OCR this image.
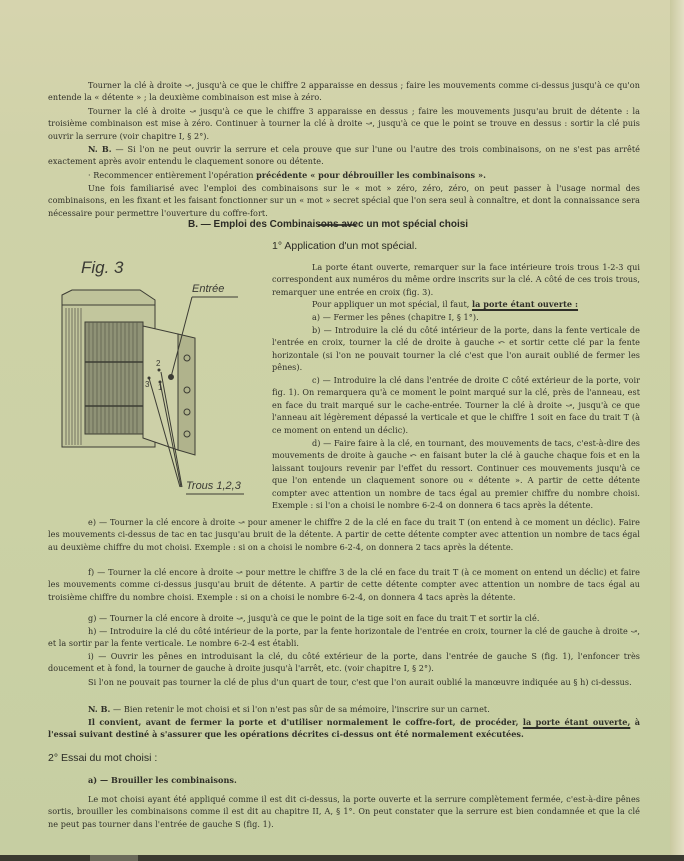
Tourner la clé à droite ⤻, jusqu'à ce que le chiffre 2 apparaisse en dessus ; faire les mouvements comme ci-dessus jusqu'à ce qu'on entende la « détente » ; la deuxième combinaison est mise à zéro.
Tourner la clé à droite ⤻ jusqu'à ce que le chiffre 3 apparaisse en dessus ; faire les mouvements jusqu'au bruit de détente : la troisième combinaison est mise à zéro. Continuer à tourner la clé à droite ⤻, jusqu'à ce que le point se trouve en dessus : sortir la clé puis ouvrir la serrure (voir chapitre I, § 2°).
N. B. — Si l'on ne peut ouvrir la serrure et cela prouve que sur l'une ou l'autre des trois combinaisons, on ne s'est pas arrêté exactement après avoir entendu le claquement sonore ou détente.
· Recommencer entièrement l'opération précédente « pour débrouiller les combinaisons ».
Une fois familiarisé avec l'emploi des combinaisons sur le « mot » zéro, zéro, zéro, on peut passer à l'usage normal des combinaisons, en les fixant et les faisant fonctionner sur un « mot » secret spécial que l'on sera seul à connaître, et dont la connaissance sera nécessaire pour permettre l'ouverture du coffre-fort.
B. — Emploi des Combinaisons avec un mot spécial choisi
1° Application d'un mot spécial.
Fig. 3
Entrée
Trous 1,2,3
2
3 1
La porte étant ouverte, remarquer sur la face intérieure trois trous 1-2-3 qui correspondent aux numéros du même ordre inscrits sur la clé. A côté de ces trois trous, remarquer une entrée en croix (fig. 3).
Pour appliquer un mot spécial, il faut, la porte étant ouverte :
a) — Fermer les pênes (chapitre I, § 1°).
b) — Introduire la clé du côté intérieur de la porte, dans la fente verticale de l'entrée en croix, tourner la clé de droite à gauche ⤺ et sortir cette clé par la fente horizontale (si l'on ne pouvait tourner la clé c'est que l'on aurait oublié de fermer les pênes).
c) — Introduire la clé dans l'entrée de droite C côté extérieur de la porte, voir fig. 1). On remarquera qu'à ce moment le point marqué sur la clé, près de l'anneau, est en face du trait marqué sur le cache-entrée. Tourner la clé à droite ⤻, jusqu'à ce que l'anneau ait légèrement dépassé la verticale et que le chiffre 1 soit en face du trait T (à ce moment on entend un déclic).
d) — Faire faire à la clé, en tournant, des mouvements de tacs, c'est-à-dire des mouvements de droite à gauche ⤺ en faisant buter la clé à gauche chaque fois et en la laissant toujours revenir par l'effet du ressort. Continuer ces mouvements jusqu'à ce que l'on entende un claquement sonore ou « détente ». A partir de cette détente compter avec attention un nombre de tacs égal au premier chiffre du nombre choisi. Exemple : si l'on a choisi le nombre 6-2-4 on donnera 6 tacs après la détente.
e) — Tourner la clé encore à droite ⤻ pour amener le chiffre 2 de la clé en face du trait T (on entend à ce moment un déclic). Faire les mouvements ci-dessus de tac en tac jusqu'au bruit de la détente. A partir de cette détente compter avec attention un nombre de tacs égal au deuxième chiffre du mot choisi. Exemple : si on a choisi le nombre 6-2-4, on donnera 2 tacs après la détente.
f) — Tourner la clé encore à droite ⤻ pour mettre le chiffre 3 de la clé en face du trait T (à ce moment on entend un déclic) et faire les mouvements comme ci-dessus jusqu'au bruit de détente. A partir de cette détente compter avec attention un nombre de tacs égal au troisième chiffre du nombre choisi. Exemple : si on a choisi le nombre 6-2-4, on donnera 4 tacs après la détente.
g) — Tourner la clé encore à droite ⤻, jusqu'à ce que le point de la tige soit en face du trait T et sortir la clé.
h) — Introduire la clé du côté intérieur de la porte, par la fente horizontale de l'entrée en croix, tourner la clé de gauche à droite ⤻, et la sortir par la fente verticale. Le nombre 6-2-4 est établi.
i) — Ouvrir les pênes en introduisant la clé, du côté extérieur de la porte, dans l'entrée de gauche S (fig. 1), l'enfoncer très doucement et à fond, la tourner de gauche à droite jusqu'à l'arrêt, etc. (voir chapitre I, § 2°).
Si l'on ne pouvait pas tourner la clé de plus d'un quart de tour, c'est que l'on aurait oublié la manœuvre indiquée au § h) ci-dessus.
N. B. — Bien retenir le mot choisi et si l'on n'est pas sûr de sa mémoire, l'inscrire sur un carnet.
Il convient, avant de fermer la porte et d'utiliser normalement le coffre-fort, de procéder, la porte étant ouverte, à l'essai suivant destiné à s'assurer que les opérations décrites ci-dessus ont été normalement exécutées.
2° Essai du mot choisi :
a) — Brouiller les combinaisons.
Le mot choisi ayant été appliqué comme il est dit ci-dessus, la porte ouverte et la serrure complètement fermée, c'est-à-dire pênes sortis, brouiller les combinaisons comme il est dit au chapitre II, A, § 1°. On peut constater que la serrure est bien condamnée et que la clé ne peut pas tourner dans l'entrée de gauche S (fig. 1).
